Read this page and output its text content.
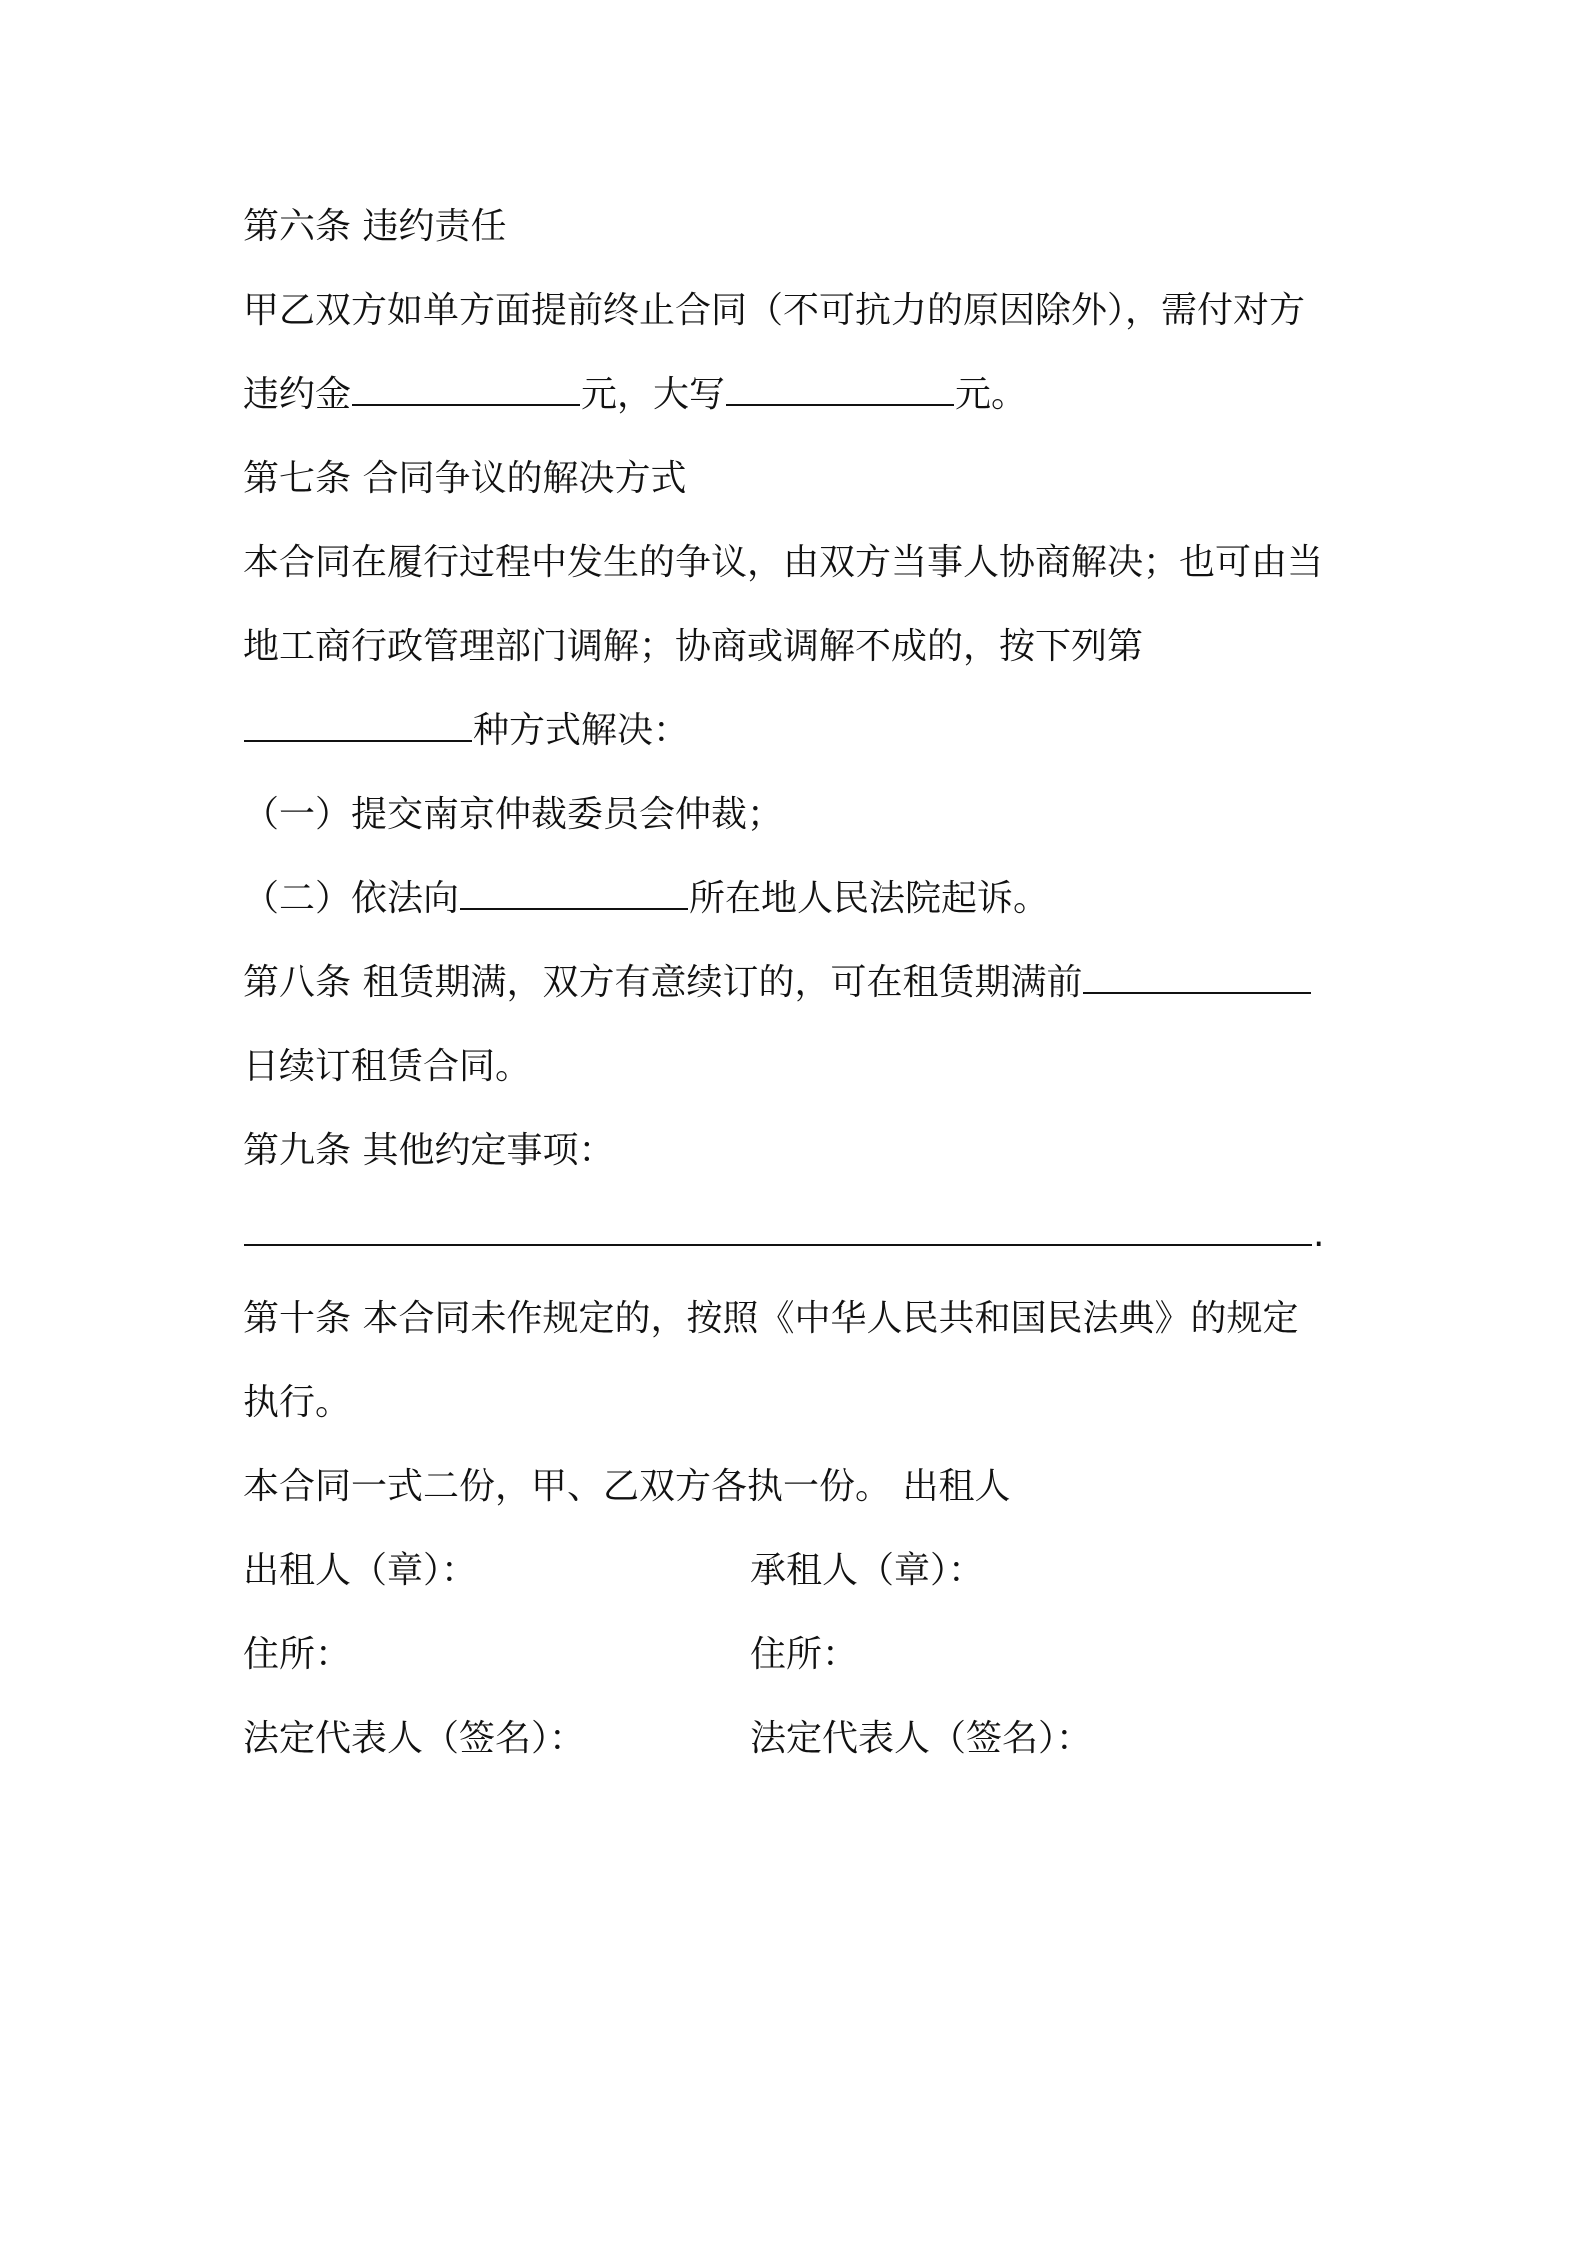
第六条 违约责任
甲乙双方如单方面提前终止合同（不可抗力的原因除外），需付对方
违约金	元，大写	元。
第七条 合同争议的解决方式
本合同在履行过程中发生的争议，由双方当事人协商解决；也可由当
地工商行政管理部门调解；协商或调解不成的，按下列第
种方式解决：
（一）提交南京仲裁委员会仲裁；
（二）依法向	所在地人民法院起诉。
第八条 租赁期满，双方有意续订的，可在租赁期满前
日续订租赁合同。
第九条 其他约定事项：
.
第十条 本合同未作规定的，按照《中华人民共和国民法典》的规定
执行。
本合同一式二份，甲、乙双方各执一份。 出租人
出租人（章）：	承租人（章）：
住所：	住所：
法定代表人（签名）：	法定代表人（签名）：
